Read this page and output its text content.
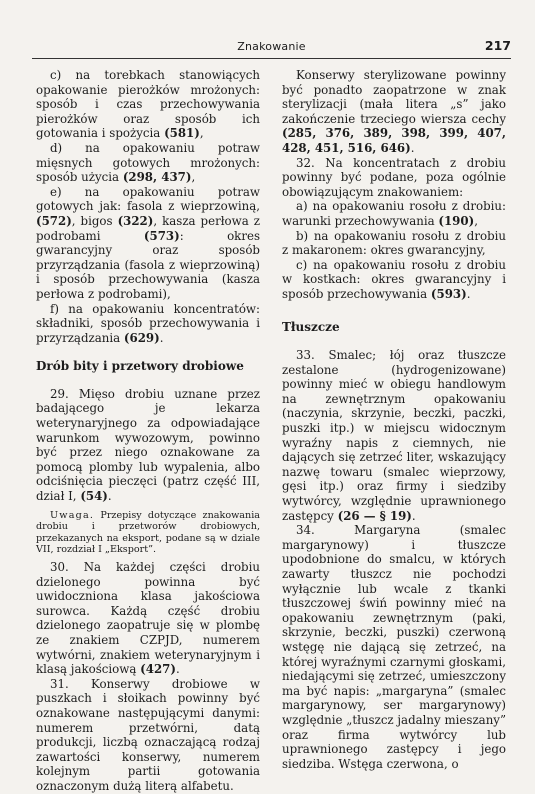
Znakowanie	217

c) na torebkach stanowiących opakowanie pierożków mrożonych: sposób i czas przechowywania pierożków oraz sposób ich gotowania i spożycia (581),

d) na opakowaniu potraw mięsnych gotowych mrożonych: sposób użycia (298, 437),

e) na opakowaniu potraw gotowych jak: fasola z wieprzowiną, (572), bigos (322), kasza perłowa z podrobami	(573): okres gwarancyjny oraz sposób przyrządzania (fasola z wieprzowiną) i sposób przechowywania (kasza perłowa z podrobami),

f) na opakowaniu koncentratów: składniki, sposób przechowywania i przyrządzania (629).

Drób bity i przetwory drobiowe

29. Mięso drobiu uznane przez badającego je lekarza weterynaryjnego za odpowiadające warunkom wywozowym, powinno być przez niego oznakowane za pomocą plomby lub wypalenia, albo odciśnięcia pieczęci (patrz część III, dział I, (54).

Uwaga. Przepisy dotyczące znakowania drobiu i przetworów drobiowych, przekazanych na eksport, podane są w dziale VII, rozdział I „Eksport”.

30. Na każdej części drobiu dzielonego powinna być uwidoczniona klasa jakościowa surowca. Każdą część drobiu dzielonego zaopatruje się w plombę ze znakiem CZPJD, numerem wytwórni, znakiem weterynaryjnym i klasą jakościową (427).

31. Konserwy drobiowe w puszkach i słoikach powinny być oznakowane następującymi danymi: numerem przetwórni, datą produkcji, liczbą oznaczającą rodzaj zawartości konserwy, numerem kolejnym partii gotowania oznaczonym dużą literą alfabetu.

Konserwy sterylizowane powinny być ponadto zaopatrzone w znak sterylizacji (mała litera „s” jako zakończenie trzeciego wiersza cechy (285, 376, 389, 398, 399, 407, 428, 451, 516, 646).

32. Na koncentratach z drobiu powinny być podane, poza ogólnie obowiązującym znakowaniem:

a) na opakowaniu rosołu z drobiu: warunki przechowywania (190),

b) na opakowaniu rosołu z drobiu z makaronem: okres gwarancyjny,

c) na opakowaniu rosołu z drobiu w kostkach: okres gwarancyjny i sposób przechowywania (593).

Tłuszcze

33. Smalec; łój oraz tłuszcze zestalone (hydrogenizowane) powinny mieć w obiegu handlowym na zewnętrznym opakowaniu (naczynia, skrzynie, beczki, paczki, puszki itp.) w miejscu widocznym wyraźny napis z ciemnych, nie dających się zetrzeć liter, wskazujący nazwę towaru (smalec wieprzowy, gęsi itp.) oraz firmy i siedziby wytwórcy, względnie uprawnionego zastępcy (26 — § 19).

34. Margaryna (smalec margarynowy) i tłuszcze upodobnione do smalcu, w których zawarty tłuszcz nie pochodzi wyłącznie lub wcale z tkanki tłuszczowej świń powinny mieć na opakowaniu zewnętrznym (paki, skrzynie, beczki, puszki) czerwoną wstęgę nie dającą się zetrzeć, na której wyraźnymi czarnymi głoskami, niedającymi się zetrzeć, umieszczony ma być napis: „margaryna” (smalec margarynowy, ser margarynowy) względnie „tłuszcz jadalny mieszany” oraz firma wytwórcy lub uprawnionego zastępcy i jego siedziba. Wstęga czerwona, o
